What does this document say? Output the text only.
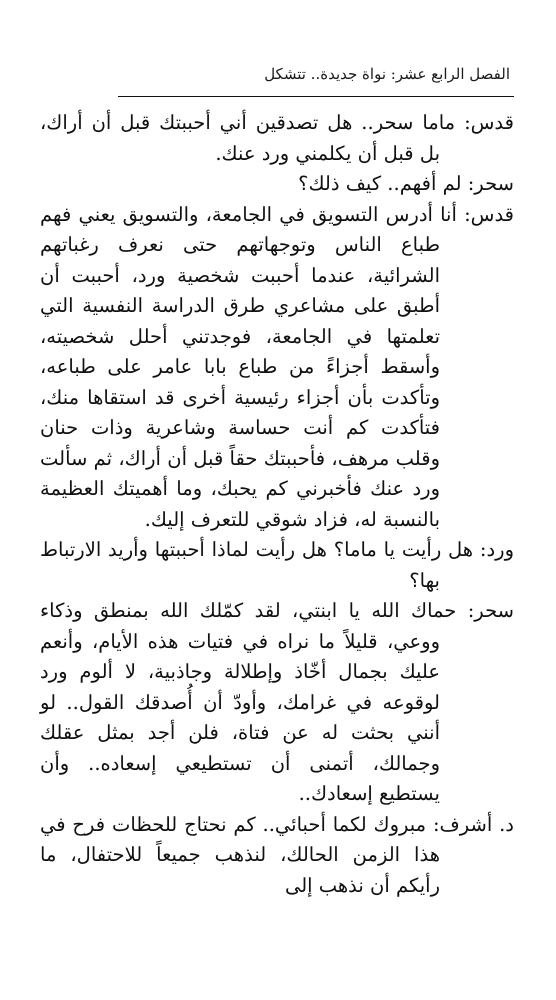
الفصل الرابع عشر: نواة جديدة.. تتشكل

قدس: ماما سحر.. هل تصدقين أني أحببتك قبل أن أراك، بل قبل أن يكلمني ورد عنك.

سحر: لم أفهم.. كيف ذلك؟

قدس: أنا أدرس التسويق في الجامعة، والتسويق يعني فهم طباع الناس وتوجهاتهم حتى نعرف رغباتهم الشرائية، عندما أحببت شخصية ورد، أحببت أن أطبق على مشاعري طرق الدراسة النفسية التي تعلمتها في الجامعة، فوجدتني أحلل شخصيته، وأسقط أجزاءً من طباع بابا عامر على طباعه، وتأكدت بأن أجزاء رئيسية أخرى قد استقاها منك، فتأكدت كم أنت حساسة وشاعرية وذات حنان وقلب مرهف، فأحببتك حقاً قبل أن أراك، ثم سألت ورد عنك فأخبرني كم يحبك، وما أهميتك العظيمة بالنسبة له، فزاد شوقي للتعرف إليك.

ورد: هل رأيت يا ماما؟ هل رأيت لماذا أحببتها وأريد الارتباط بها؟

سحر: حماك الله يا ابنتي، لقد كمّلك الله بمنطق وذكاء ووعي، قليلاً ما نراه في فتيات هذه الأيام، وأنعم عليك بجمال أخّاذ وإطلالة وجاذبية، لا ألوم ورد لوقوعه في غرامك، وأودّ أن أُصدقك القول.. لو أنني بحثت له عن فتاة، فلن أجد بمثل عقلك وجمالك، أتمنى أن تستطيعي إسعاده.. وأن يستطيع إسعادك..

د. أشرف: مبروك لكما أحبائي.. كم نحتاج للحظات فرح في هذا الزمن الحالك، لنذهب جميعاً للاحتفال، ما رأيكم أن نذهب إلى
